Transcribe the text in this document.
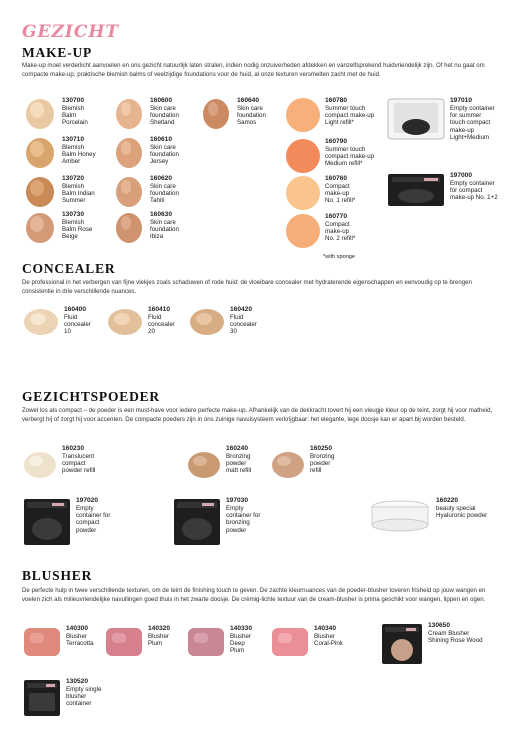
GEZICHT
MAKE-UP
Make-up moet verderlicht aanvoelen en ons gezicht natuurlijk laten stralen, indien nodig onzuiverheden afdekken en vanzelfsprekend huidvriendelijk zijn. Of het nu gaat om compacte make-up, praktische blemish balms of veelzijdige foundations voor de huid, al onze texturen versmelten zacht met de huid.
130700
Blemish
Balm
Porcelain
130710
Blemish
Balm Honey
Amber
130720
Blemish
Balm Indian
Summer
130730
Blemish
Balm Rose
Beige
160600
Skin care
foundation
Shetland
160610
Skin care
foundation
Jersey
160620
Skin care
foundation
Tahiti
160630
Skin care
foundation
Ibiza
160640
Skin care
foundation
Samos
160780
Summer touch
compact make-up
Light refill*
160790
Summer touch
compact make-up
Medium refill*
160760
Compact
make-up
No. 1 refill*
160770
Compact
make-up
No. 2 refill*
*with sponge
197010
Empty container
for summer
touch compact
make-up
Light+Medium
197000
Empty container
for compact
make-up No. 1+2
CONCEALER
De professional in het verbergen van fijne vlekjes zoals schaduwen of rode huid: de vloeibare concealer met hydraterende eigenschappen en eenvoudig op te brengen consistentie in drie verschillende nuances.
160400
Fluid
concealer
10
160410
Fluid
concealer
20
160420
Fluid
concealer
30
GEZICHTSPOEDER
Zowel los als compact – de poeder is een must-have voor iedere perfecte make-up. Afhankelijk van de dekkracht tovert hij een vleugje kleur op de teint, zorgt hij voor matheid, verbergt hij of zorgt hij voor accenten. De compacte poeders zijn in ons zuinige navulsysteem verkrijgbaar: het elegante, lege doosje kan er apart bij worden besteld.
160230
Translucent
compact
powder refill
160240
Bronzing
powder
matt refill
160250
Bronzing
powder
refill
197020
Empty
container for
compact
powder
197030
Empty
container for
bronzing
powder
160220
beauty special
Hyaluronic powder
BLUSHER
De perfecte hulp in twee verschillende texturen, om de teint de finishing touch te geven. De zachte kleurnuances van de poeder-blusher toveren frisheid op jouw wangen en voelen zich als milieuvriendelijke navullingen goed thuis in het zwarte doosje. De crèmig-lichte textuur van de cream-blusher is prima geschikt voor wangen, lippen en ogen.
140300
Blusher
Terracotta
140320
Blusher
Plum
140330
Blusher
Deep
Plum
140340
Blusher
Coral-Pink
130650
Cream Blusher
Shining Rose Wood
130520
Empty single
blusher
container
